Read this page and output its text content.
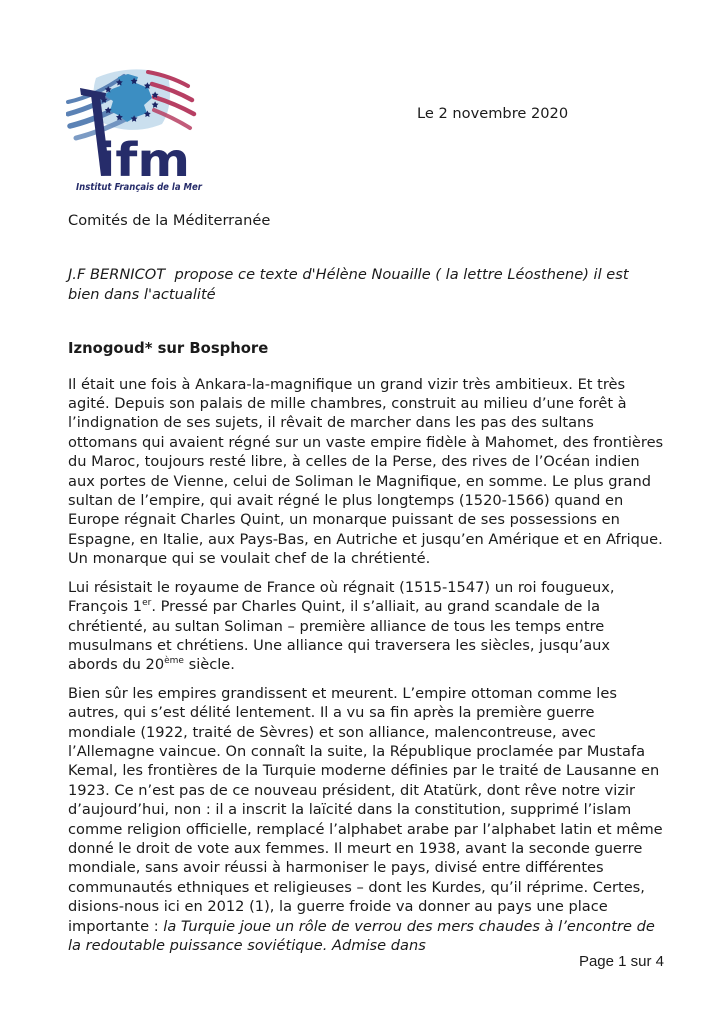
ifm
Institut Français de la Mer
Le 2 novembre 2020
Comités de la Méditerranée
J.F BERNICOT  propose ce texte d'Hélène Nouaille ( la lettre Léosthene) il est bien dans l'actualité
Iznogoud* sur Bosphore

Il était une fois à Ankara-la-magnifique un grand vizir très ambitieux. Et très agité. Depuis son palais de mille chambres, construit au milieu d’une forêt à l’indignation de ses sujets, il rêvait de marcher dans les pas des sultans ottomans qui avaient régné sur un vaste empire fidèle à Mahomet, des frontières du Maroc, toujours resté libre, à celles de la Perse, des rives de l’Océan indien aux portes de Vienne, celui de Soliman le Magnifique, en somme. Le plus grand sultan de l’empire, qui avait régné le plus longtemps (1520-1566) quand en Europe régnait Charles Quint, un monarque puissant de ses possessions en Espagne, en Italie, aux Pays-Bas, en Autriche et jusqu’en Amérique et en Afrique. Un monarque qui se voulait chef de la chrétienté.

Lui résistait le royaume de France où régnait (1515-1547) un roi fougueux, François 1er. Pressé par Charles Quint, il s’alliait, au grand scandale de la chrétienté, au sultan Soliman – première alliance de tous les temps entre musulmans et chrétiens. Une alliance qui traversera les siècles, jusqu’aux abords du 20ème siècle.

Bien sûr les empires grandissent et meurent. L’empire ottoman comme les autres, qui s’est délité lentement. Il a vu sa fin après la première guerre mondiale (1922, traité de Sèvres) et son alliance, malencontreuse, avec l’Allemagne vaincue. On connaît la suite, la République proclamée par Mustafa Kemal, les frontières de la Turquie moderne définies par le traité de Lausanne en 1923. Ce n’est pas de ce nouveau président, dit Atatürk, dont rêve notre vizir d’aujourd’hui, non : il a inscrit la laïcité dans la constitution, supprimé l’islam comme religion officielle, remplacé l’alphabet arabe par l’alphabet latin et même donné le droit de vote aux femmes. Il meurt en 1938, avant la seconde guerre mondiale, sans avoir réussi à harmoniser le pays, divisé entre différentes communautés ethniques et religieuses – dont les Kurdes, qu’il réprime. Certes, disions-nous ici en 2012 (1), la guerre froide va donner au pays une place importante : la Turquie joue un rôle de verrou des mers chaudes à l’encontre de la redoutable puissance soviétique. Admise dans

Page 1 sur 4
